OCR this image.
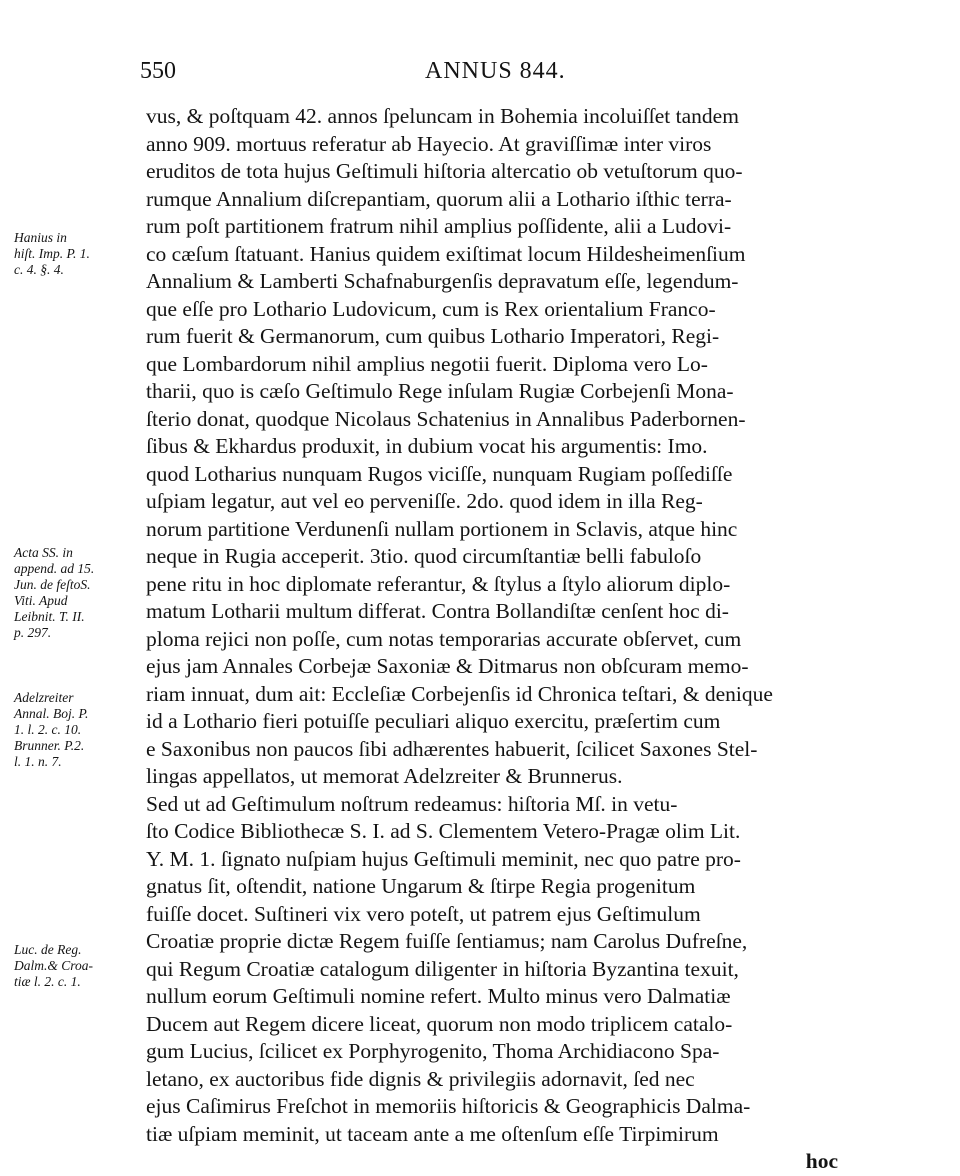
550	ANNUS 844.
Hanius in
hiſt. Imp. P. 1.
c. 4. §. 4.
Acta SS. in
append. ad 15.
Jun. de feſtoS.
Viti. Apud
Leibnit. T. II.
p. 297.
Adelzreiter
Annal. Boj. P.
1. l. 2. c. 10.
Brunner. P.2.
l. 1. n. 7.
Luc. de Reg.
Dalm.& Croa-
tiæ l. 2. c. 1.
vus, & poſtquam 42. annos ſpeluncam in Bohemia incoluiſſet tandem
anno 909. mortuus referatur ab Hayecio. At graviſſimæ inter viros
eruditos de tota hujus Geſtimuli hiſtoria altercatio ob vetuſtorum quo-
rumque Annalium diſcrepantiam, quorum alii a Lothario iſthic terra-
rum poſt partitionem fratrum nihil amplius poſſidente, alii a Ludovi-
co cæſum ſtatuant. Hanius quidem exiſtimat locum Hildesheimenſium
Annalium & Lamberti Schafnaburgenſis depravatum eſſe, legendum-
que eſſe pro Lothario Ludovicum, cum is Rex orientalium Franco-
rum fuerit & Germanorum, cum quibus Lothario Imperatori, Regi-
que Lombardorum nihil amplius negotii fuerit. Diploma vero Lo-
tharii, quo is cæſo Geſtimulo Rege inſulam Rugiæ Corbejenſi Mona-
ſterio donat, quodque Nicolaus Schatenius in Annalibus Paderbornen-
ſibus & Ekhardus produxit, in dubium vocat his argumentis: Imo.
quod Lotharius nunquam Rugos viciſſe, nunquam Rugiam poſſediſſe
uſpiam legatur, aut vel eo perveniſſe. 2do. quod idem in illa Reg-
norum partitione Verdunenſi nullam portionem in Sclavis, atque hinc
neque in Rugia acceperit. 3tio. quod circumſtantiæ belli fabuloſo
pene ritu in hoc diplomate referantur, & ſtylus a ſtylo aliorum diplo-
matum Lotharii multum differat. Contra Bollandiſtæ cenſent hoc di-
ploma rejici non poſſe, cum notas temporarias accurate obſervet, cum
ejus jam Annales Corbejæ Saxoniæ & Ditmarus non obſcuram memo-
riam innuat, dum ait: Eccleſiæ Corbejenſis id Chronica teſtari, & denique
id a Lothario fieri potuiſſe peculiari aliquo exercitu, præſertim cum
e Saxonibus non paucos ſibi adhærentes habuerit, ſcilicet Saxones Stel-
lingas appellatos, ut memorat Adelzreiter & Brunnerus.
Sed ut ad Geſtimulum noſtrum redeamus: hiſtoria Mſ. in vetu-
ſto Codice Bibliothecæ S. I. ad S. Clementem Vetero-Pragæ olim Lit.
Y. M. 1. ſignato nuſpiam hujus Geſtimuli meminit, nec quo patre pro-
gnatus ſit, oſtendit, natione Ungarum & ſtirpe Regia progenitum
fuiſſe docet. Suſtineri vix vero poteſt, ut patrem ejus Geſtimulum
Croatiæ proprie dictæ Regem fuiſſe ſentiamus; nam Carolus Dufreſne,
qui Regum Croatiæ catalogum diligenter in hiſtoria Byzantina texuit,
nullum eorum Geſtimuli nomine refert. Multo minus vero Dalmatiæ
Ducem aut Regem dicere liceat, quorum non modo triplicem catalo-
gum Lucius, ſcilicet ex Porphyrogenito, Thoma Archidiacono Spa-
letano, ex auctoribus fide dignis & privilegiis adornavit, ſed nec
ejus Caſimirus Freſchot in memoriis hiſtoricis & Geographicis Dalma-
tiæ uſpiam meminit, ut taceam ante a me oſtenſum eſſe Tirpimirum
hoc
